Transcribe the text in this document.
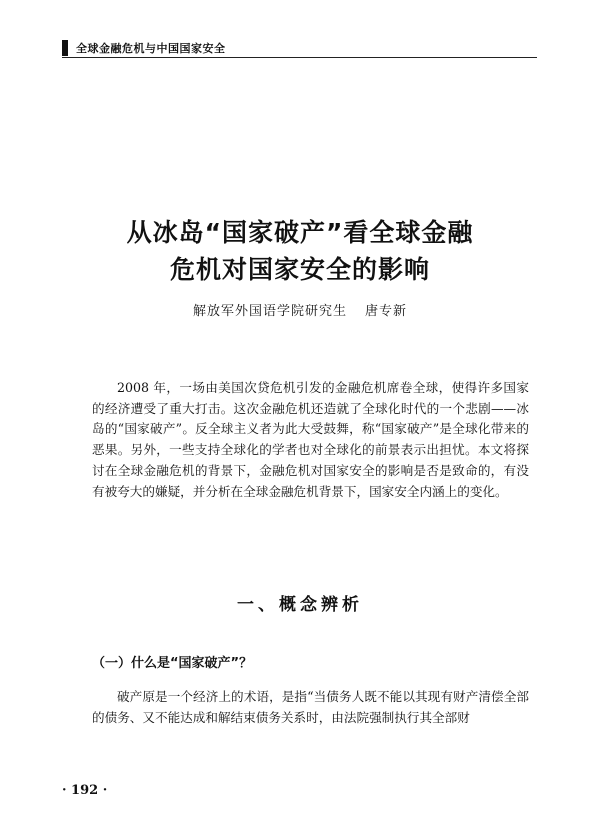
全球金融危机与中国国家安全
从冰岛“国家破产”看全球金融
危机对国家安全的影响
解放军外国语学院研究生 唐专新

2008 年，一场由美国次贷危机引发的金融危机席卷全球，使得许多国家的经济遭受了重大打击。这次金融危机还造就了全球化时代的一个悲剧——冰岛的“国家破产”。反全球主义者为此大受鼓舞，称“国家破产”是全球化带来的恶果。另外，一些支持全球化的学者也对全球化的前景表示出担忧。本文将探讨在全球金融危机的背景下，金融危机对国家安全的影响是否是致命的，有没有被夸大的嫌疑，并分析在全球金融危机背景下，国家安全内涵上的变化。

一、概念辨析
（一）什么是“国家破产”？

破产原是一个经济上的术语，是指“当债务人既不能以其现有财产清偿全部的债务、又不能达成和解结束债务关系时，由法院强制执行其全部财

· 192 ·
